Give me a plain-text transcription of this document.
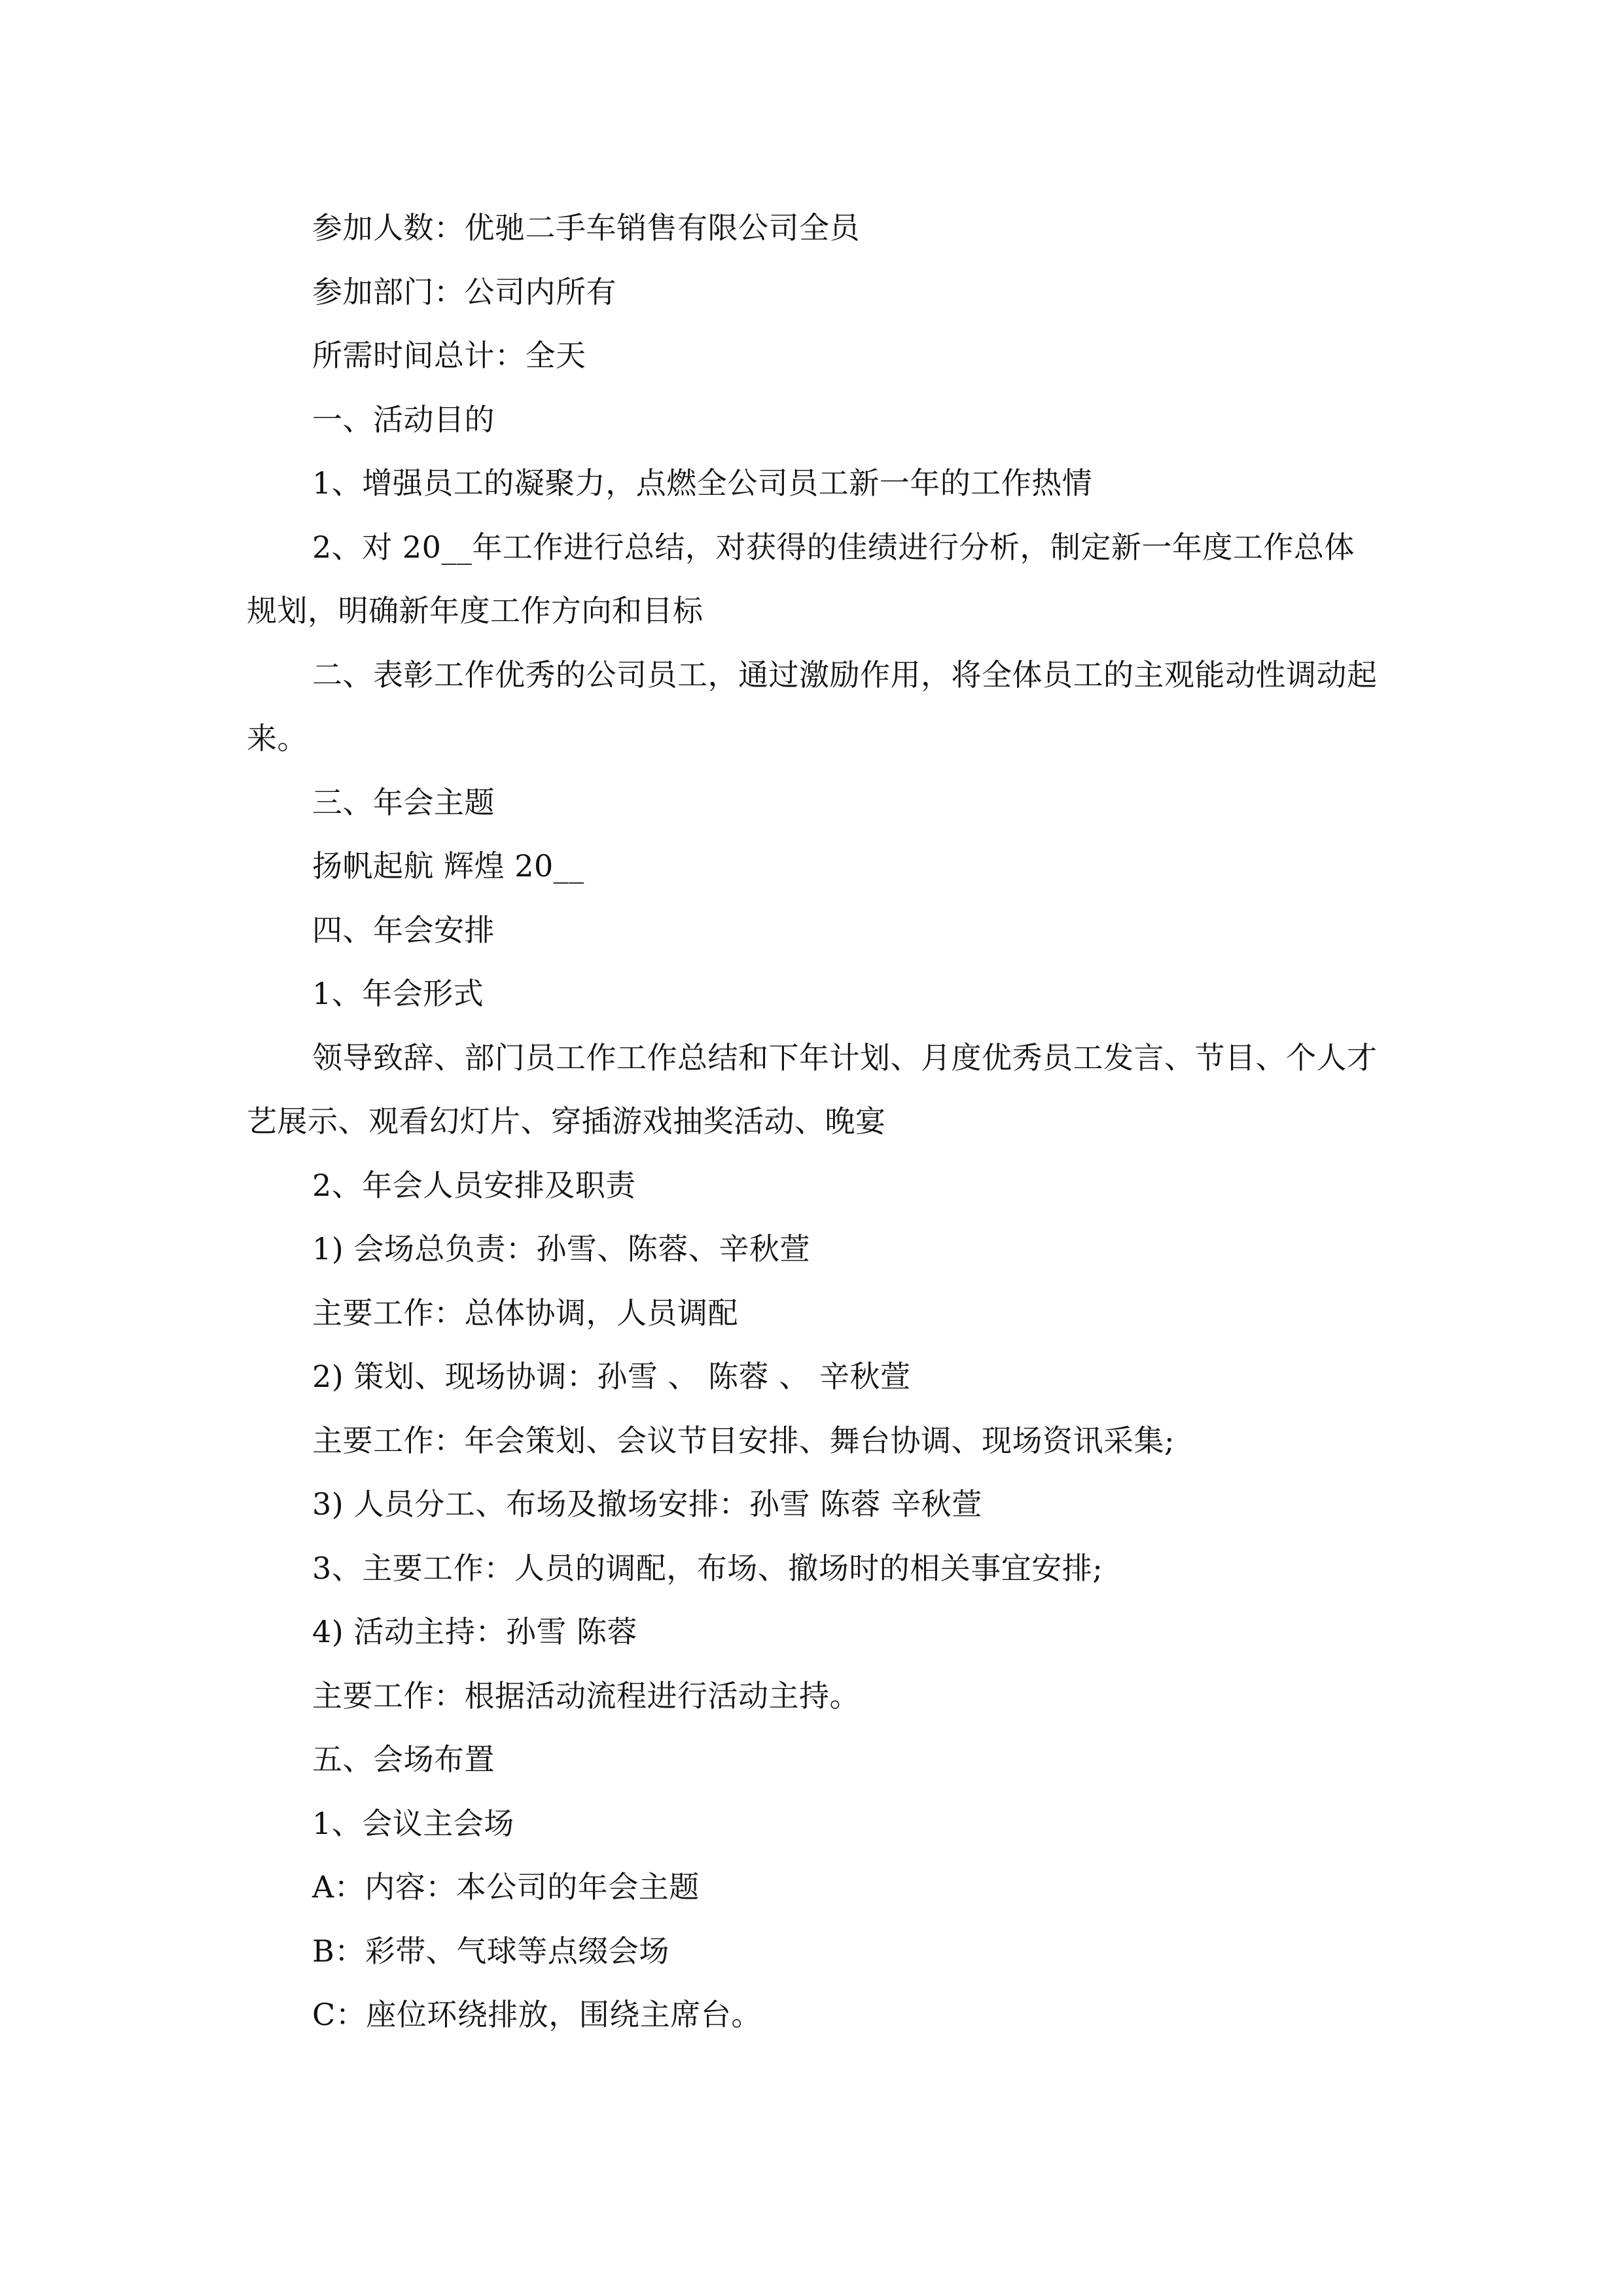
参加人数：优驰二手车销售有限公司全员

参加部门：公司内所有

所需时间总计：全天

一、活动目的

1、增强员工的凝聚力，点燃全公司员工新一年的工作热情

2、对 20__年工作进行总结，对获得的佳绩进行分析，制定新一年度工作总体规划，明确新年度工作方向和目标

二、表彰工作优秀的公司员工，通过激励作用，将全体员工的主观能动性调动起来。

三、年会主题

扬帆起航 辉煌 20__

四、年会安排

1、年会形式

领导致辞、部门员工作工作总结和下年计划、月度优秀员工发言、节目、个人才艺展示、观看幻灯片、穿插游戏抽奖活动、晚宴

2、年会人员安排及职责

1) 会场总负责：孙雪、陈蓉、辛秋萱

主要工作：总体协调，人员调配

2) 策划、现场协调：孙雪 、 陈蓉 、 辛秋萱

主要工作：年会策划、会议节目安排、舞台协调、现场资讯采集;

3) 人员分工、布场及撤场安排：孙雪 陈蓉 辛秋萱

3、主要工作：人员的调配，布场、撤场时的相关事宜安排;

4) 活动主持：孙雪 陈蓉

主要工作：根据活动流程进行活动主持。

五、会场布置

1、会议主会场

A：内容：本公司的年会主题

B：彩带、气球等点缀会场

C：座位环绕排放，围绕主席台。
